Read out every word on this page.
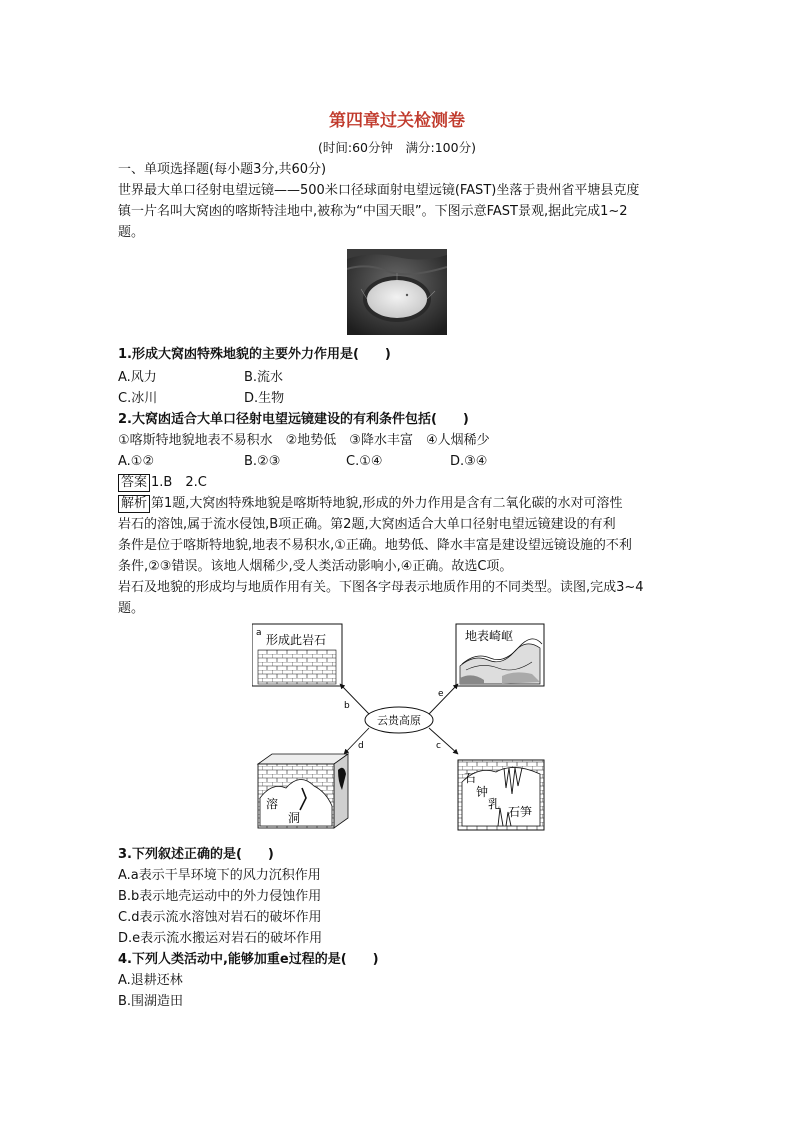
第四章过关检测卷
(时间:60分钟　满分:100分)
一、单项选择题(每小题3分,共60分)
世界最大单口径射电望远镜——500米口径球面射电望远镜(FAST)坐落于贵州省平塘县克度
镇一片名叫大窝凼的喀斯特洼地中,被称为“中国天眼”。下图示意FAST景观,据此完成1~2
题。
1.形成大窝凼特殊地貌的主要外力作用是(　　)
A.风力	B.流水
C.冰川	D.生物
2.大窝凼适合大单口径射电望远镜建设的有利条件包括(　　)
①喀斯特地貌地表不易积水　②地势低　③降水丰富　④人烟稀少
A.①②	B.②③	C.①④	D.③④
答案 1.B　2.C
解析 第1题,大窝凼特殊地貌是喀斯特地貌,形成的外力作用是含有二氧化碳的水对可溶性
岩石的溶蚀,属于流水侵蚀,B项正确。第2题,大窝凼适合大单口径射电望远镜建设的有利
条件是位于喀斯特地貌,地表不易积水,①正确。地势低、降水丰富是建设望远镜设施的不利
条件,②③错误。该地人烟稀少,受人类活动影响小,④正确。故选C项。
岩石及地貌的形成均与地质作用有关。下图各字母表示地质作用的不同类型。读图,完成3~4
题。
a 形成此岩石	地表崎岖
云贵高原
b
e
d	c
溶
洞
石
钟
乳
石笋
3.下列叙述正确的是(　　)
A.a表示干旱环境下的风力沉积作用
B.b表示地壳运动中的外力侵蚀作用
C.d表示流水溶蚀对岩石的破坏作用
D.e表示流水搬运对岩石的破坏作用
4.下列人类活动中,能够加重e过程的是(　　)
A.退耕还林
B.围湖造田
